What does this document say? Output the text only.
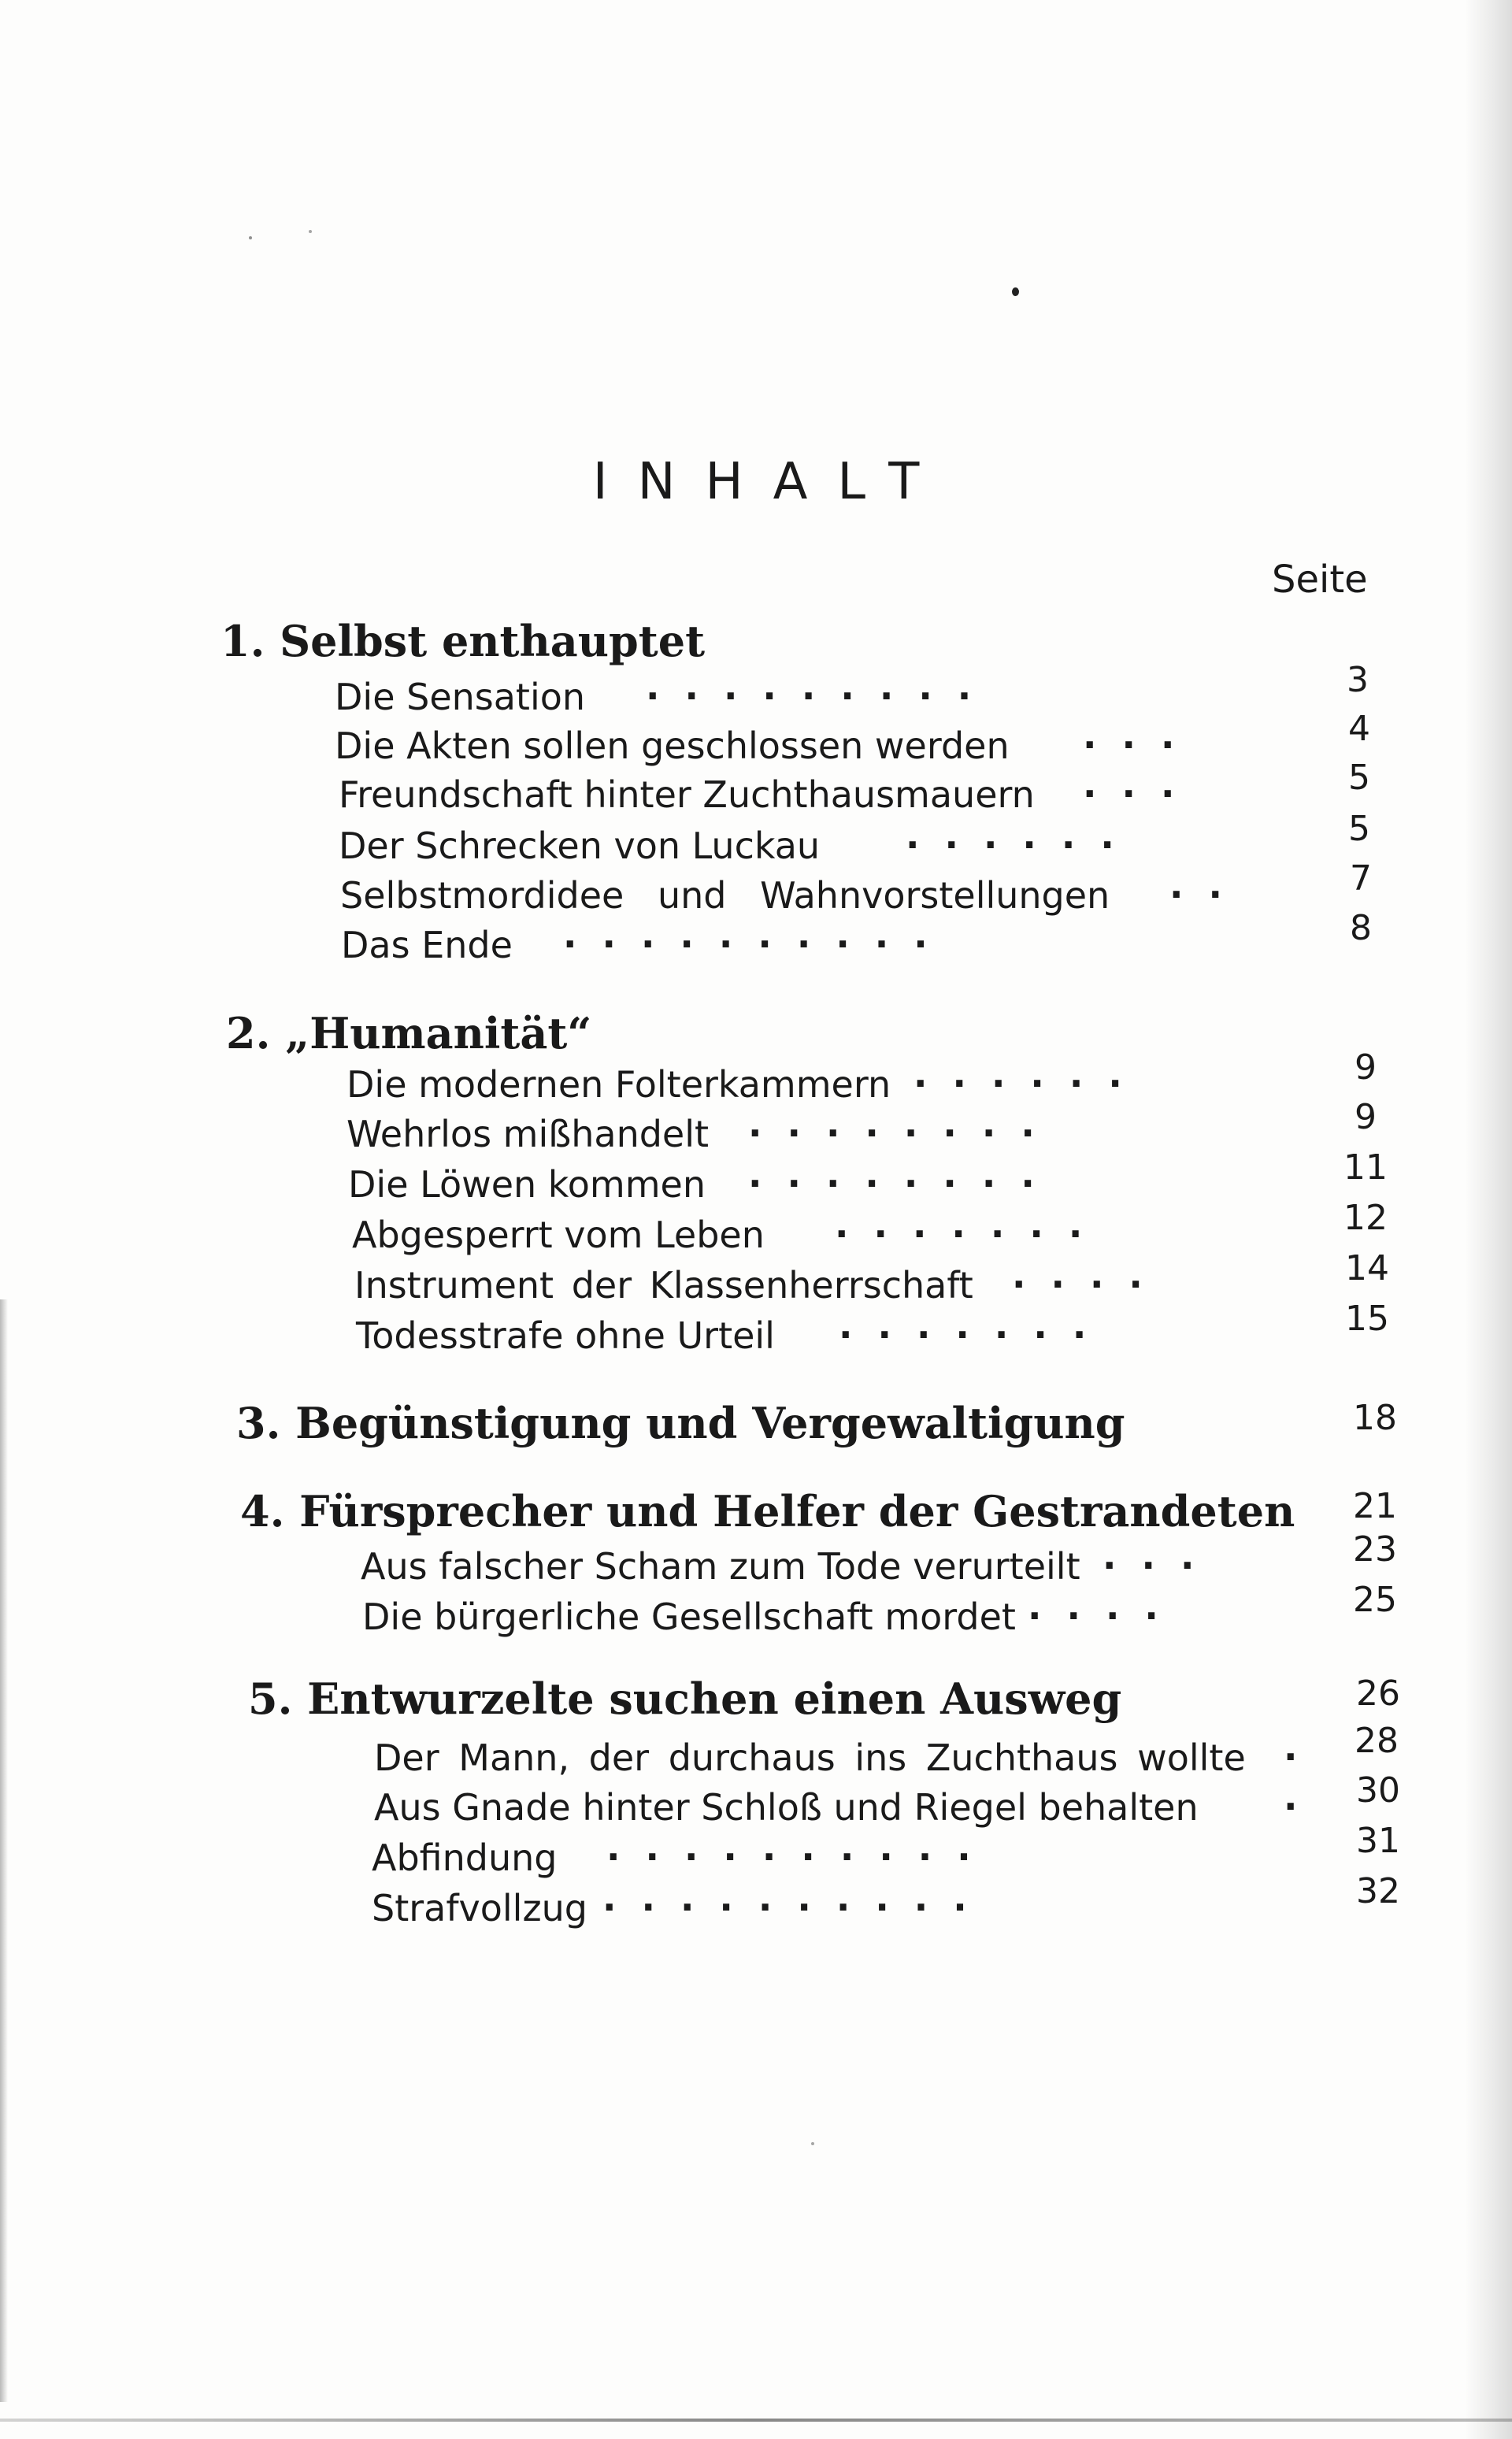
INHALT
Seite
1. Selbst enthauptet
Die Sensation .........	3
Die Akten sollen geschlossen werden ...	4
Freundschaft hinter Zuchthausmauern ...	5
Der Schrecken von Luckau ......	5
Selbstmordidee und Wahnvorstellungen ..	7
Das Ende ..........	8
2. „Humanität“
Die modernen Folterkammern ......	9
Wehrlos mißhandelt ........	9
Die Löwen kommen ........	11
Abgesperrt vom Leben .......	12
Instrument der Klassenherrschaft ....	14
Todesstrafe ohne Urteil .......	15
3. Begünstigung und Vergewaltigung	18
4. Fürsprecher und Helfer der Gestrandeten 21
Aus falscher Scham zum Tode verurteilt ...	23
Die bürgerliche Gesellschaft mordet ....	25
5. Entwurzelte suchen einen Ausweg	26
Der Mann, der durchaus ins Zuchthaus wollte . 28
Aus Gnade hinter Schloß und Riegel behalten . 30
Abfindung ..........	31
Strafvollzug ..........	32
